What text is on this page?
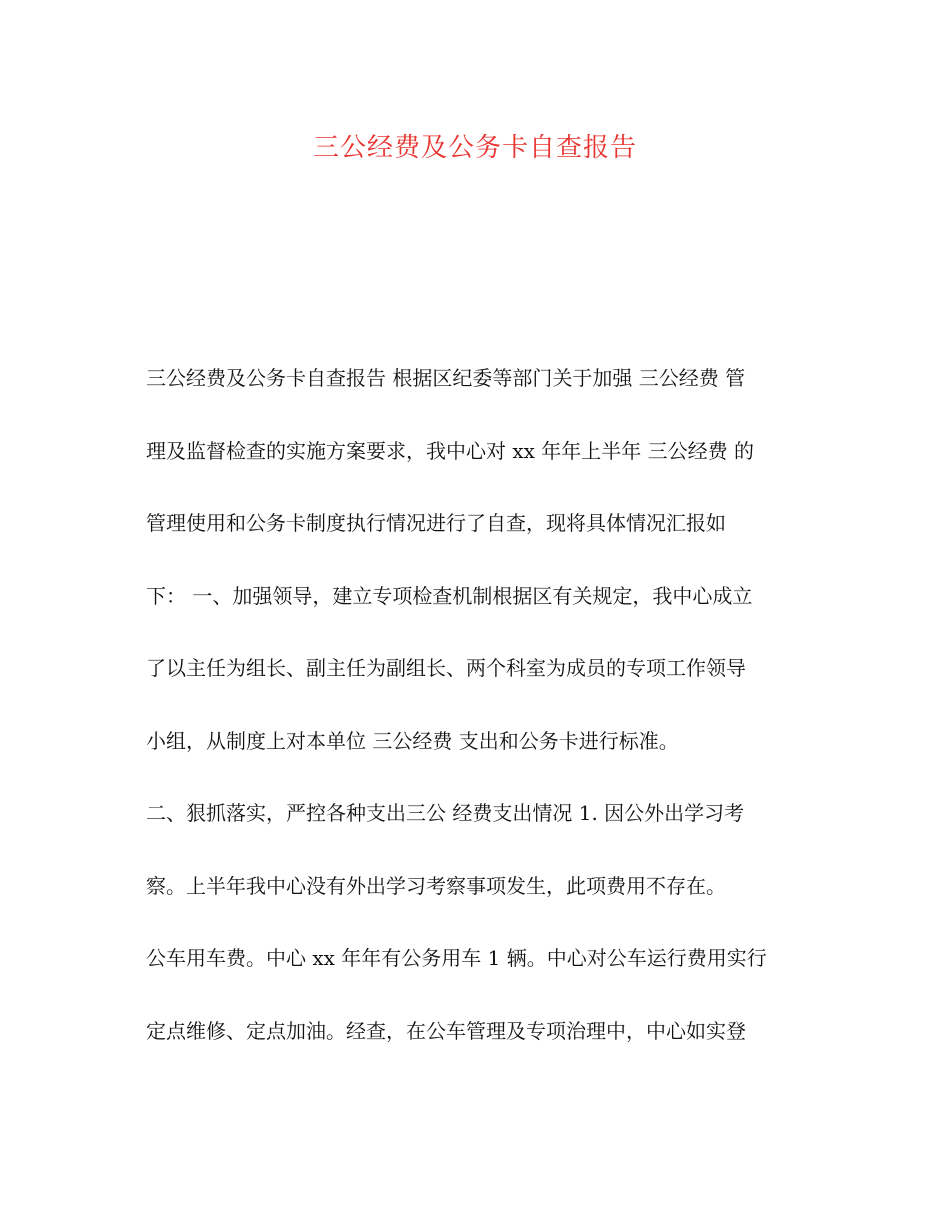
三公经费及公务卡自查报告
三公经费及公务卡自查报告 根据区纪委等部门关于加强 三公经费 管
理及监督检查的实施方案要求，我中心对 xx 年年上半年 三公经费 的
管理使用和公务卡制度执行情况进行了自查，现将具体情况汇报如
下： 一、加强领导，建立专项检查机制根据区有关规定，我中心成立
了以主任为组长、副主任为副组长、两个科室为成员的专项工作领导
小组，从制度上对本单位 三公经费 支出和公务卡进行标准。
二、狠抓落实，严控各种支出三公 经费支出情况 1. 因公外出学习考
察。上半年我中心没有外出学习考察事项发生，此项费用不存在。
公车用车费。中心 xx 年年有公务用车 1 辆。中心对公车运行费用实行
定点维修、定点加油。经查，在公车管理及专项治理中，中心如实登
